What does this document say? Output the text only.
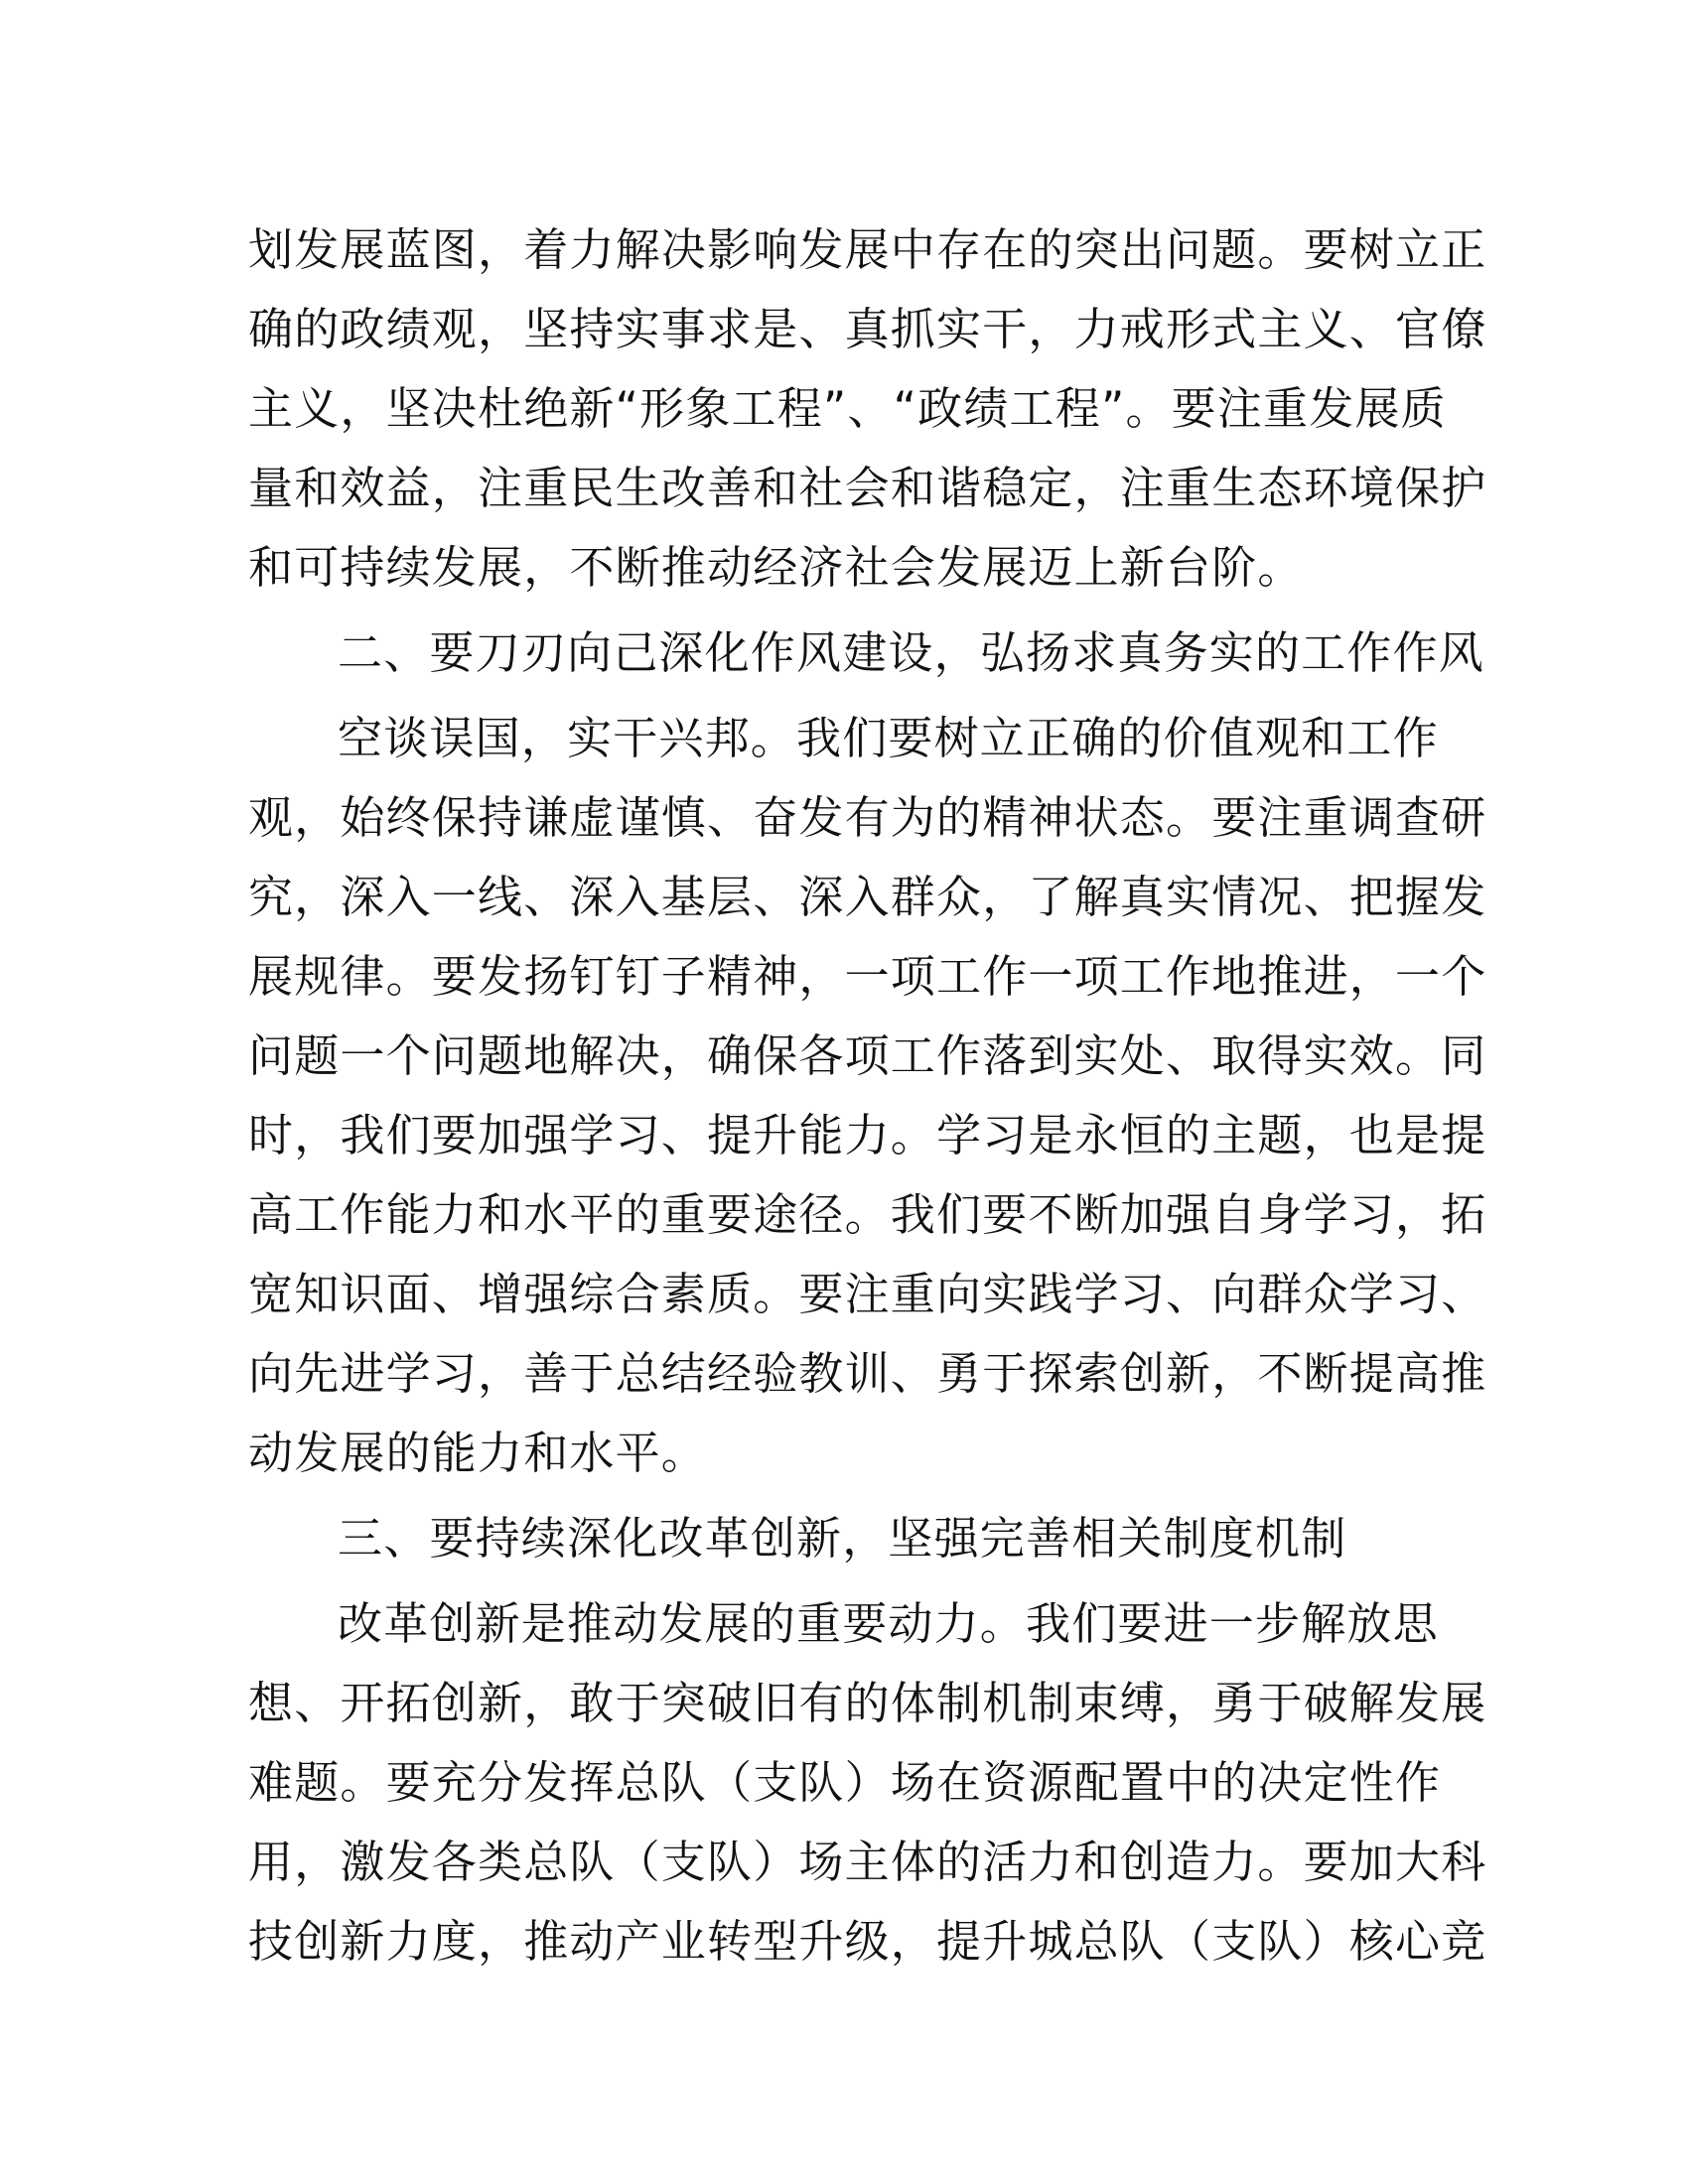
划发展蓝图，着力解决影响发展中存在的突出问题。要树立正
确的政绩观，坚持实事求是、真抓实干，力戒形式主义、官僚
主义，坚决杜绝新“形象工程”、“政绩工程”。要注重发展质
量和效益，注重民生改善和社会和谐稳定，注重生态环境保护
和可持续发展，不断推动经济社会发展迈上新台阶。
二、要刀刃向己深化作风建设，弘扬求真务实的工作作风
空谈误国，实干兴邦。我们要树立正确的价值观和工作
观，始终保持谦虚谨慎、奋发有为的精神状态。要注重调查研
究，深入一线、深入基层、深入群众，了解真实情况、把握发
展规律。要发扬钉钉子精神，一项工作一项工作地推进，一个
问题一个问题地解决，确保各项工作落到实处、取得实效。同
时，我们要加强学习、提升能力。学习是永恒的主题，也是提
高工作能力和水平的重要途径。我们要不断加强自身学习，拓
宽知识面、增强综合素质。要注重向实践学习、向群众学习、
向先进学习，善于总结经验教训、勇于探索创新，不断提高推
动发展的能力和水平。
三、要持续深化改革创新，坚强完善相关制度机制
改革创新是推动发展的重要动力。我们要进一步解放思
想、开拓创新，敢于突破旧有的体制机制束缚，勇于破解发展
难题。要充分发挥总队（支队）场在资源配置中的决定性作
用，激发各类总队（支队）场主体的活力和创造力。要加大科
技创新力度，推动产业转型升级，提升城总队（支队）核心竞
